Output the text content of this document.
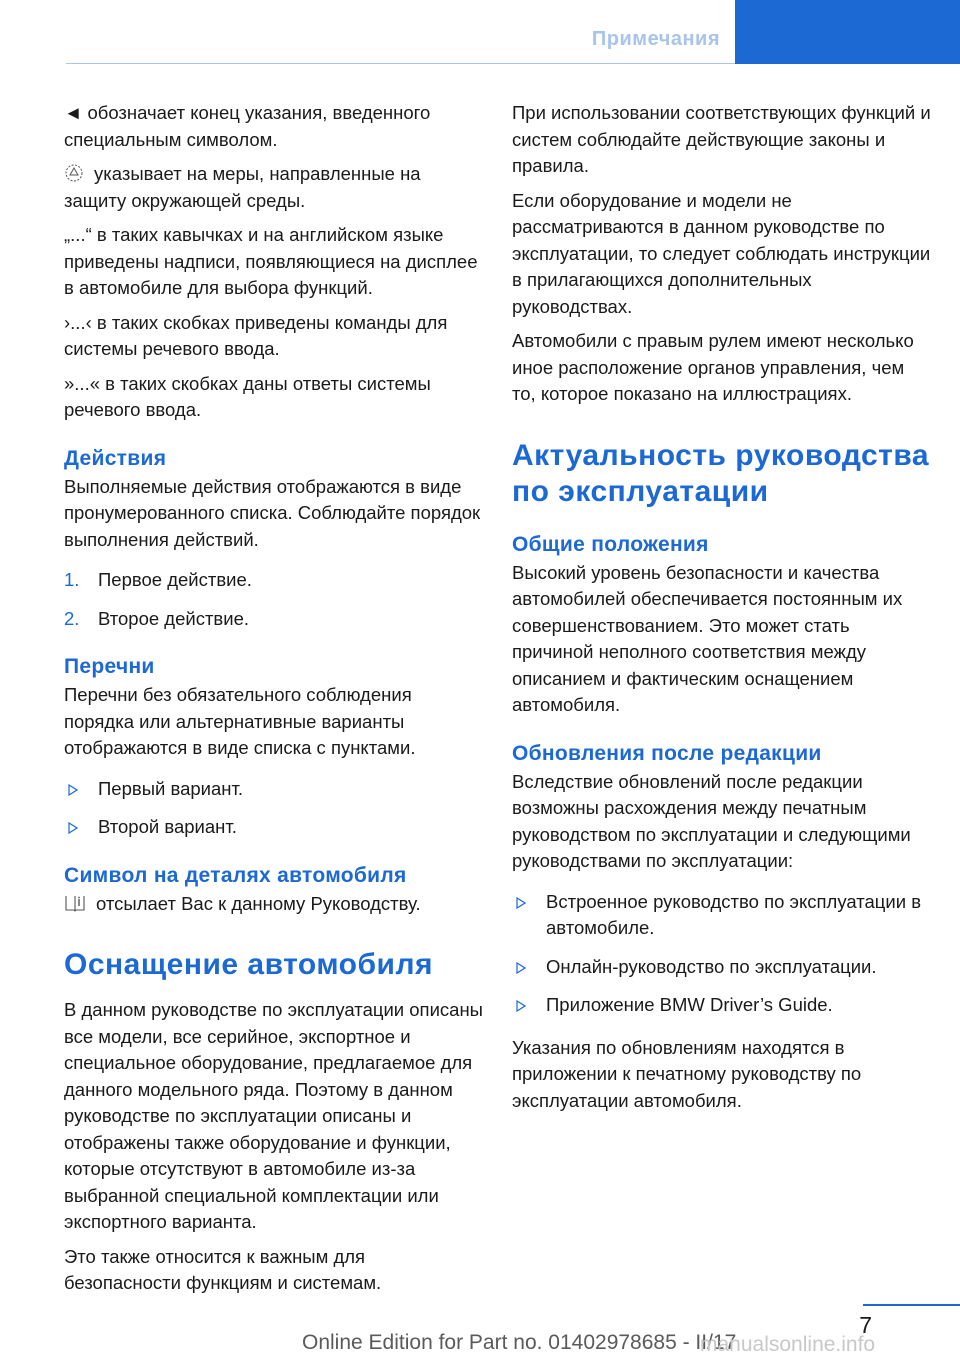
Примечания

◄ обозначает конец указания, введенного специальным символом.

указывает на меры, направленные на защиту окружающей среды.

„...“ в таких кавычках и на английском языке приведены надписи, появляющиеся на дисплее в автомобиле для выбора функций.

›...‹ в таких скобках приведены команды для системы речевого ввода.

»...« в таких скобках даны ответы системы речевого ввода.

Действия

Выполняемые действия отображаются в виде пронумерованного списка. Соблюдайте порядок выполнения действий.

1. Первое действие.
2. Второе действие.
Перечни

Перечни без обязательного соблюдения порядка или альтернативные варианты отображаются в виде списка с пунктами.

Первый вариант.
Второй вариант.
Символ на деталях автомобиля

отсылает Вас к данному Руководству.

Оснащение автомобиля

В данном руководстве по эксплуатации описаны все модели, все серийное, экспортное и специальное оборудование, предлагаемое для данного модельного ряда. Поэтому в данном руководстве по эксплуатации описаны и отображены также оборудование и функции, которые отсутствуют в автомобиле из-за выбранной специальной комплектации или экспортного варианта.

Это также относится к важным для безопасности функциям и системам.

При использовании соответствующих функций и систем соблюдайте действующие законы и правила.

Если оборудование и модели не рассматриваются в данном руководстве по эксплуатации, то следует соблюдать инструкции в прилагающихся дополнительных руководствах.

Автомобили с правым рулем имеют несколько иное расположение органов управления, чем то, которое показано на иллюстрациях.

Актуальность руководства по эксплуатации
Общие положения

Высокий уровень безопасности и качества автомобилей обеспечивается постоянным их совершенствованием. Это может стать причиной неполного соответствия между описанием и фактическим оснащением автомобиля.

Обновления после редакции

Вследствие обновлений после редакции возможны расхождения между печатным руководством по эксплуатации и следующими руководствами по эксплуатации:

Встроенное руководство по эксплуатации в автомобиле.
Онлайн-руководство по эксплуатации.
Приложение BMW Driver’s Guide.

Указания по обновлениям находятся в приложении к печатному руководству по эксплуатации автомобиля.

7
Online Edition for Part no. 01402978685 - II/17
manualsonline.info
